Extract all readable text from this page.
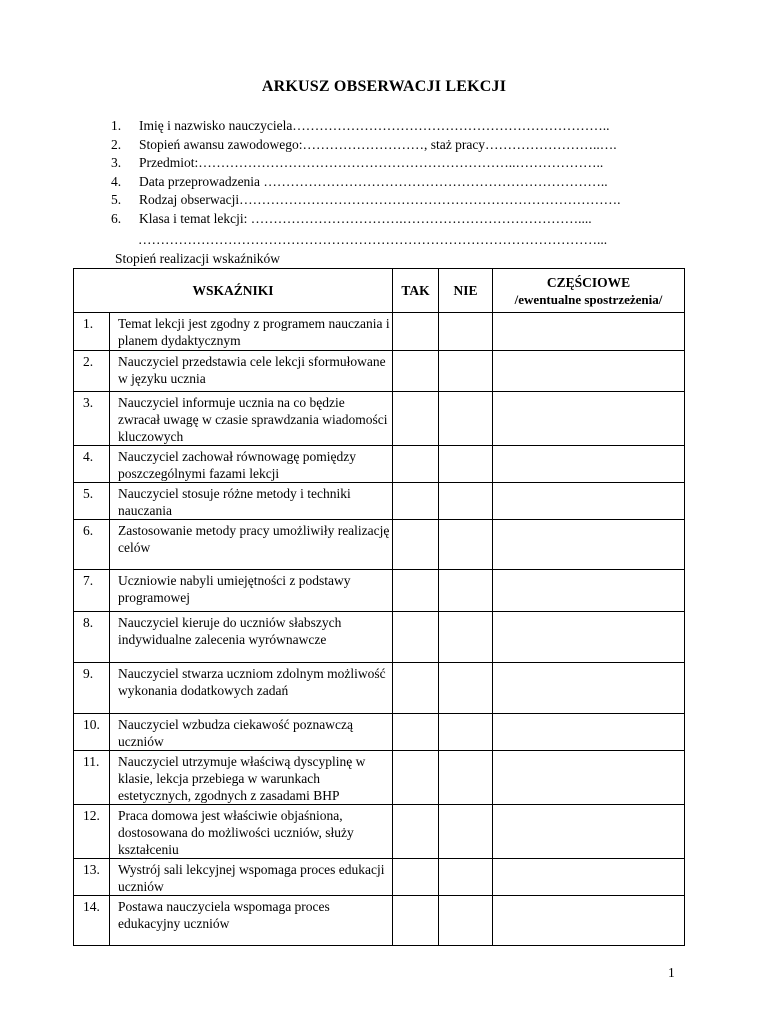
ARKUSZ OBSERWACJI LEKCJI
1. Imię i nazwisko nauczyciela……………………………………………………………..
2. Stopień awansu zawodowego:………………………, staż pracy……………………..….
3. Przedmiot:……………………………………………………………..………………..
4. Data przeprowadzenia …………………………………………………………………..
5. Rodzaj obserwacji………………………………………………………………………….
6. Klasa i temat lekcji: …………………………….…………………………………....
…………………………………………………………………………………………...
Stopień realizacji wskaźników
WSKAŹNIKI		TAK	NIE	CZĘŚCIOWE
/ewentualne spostrzeżenia/

1.	Temat lekcji jest zgodny z programem nauczania i planem dydaktycznym			
2.	Nauczyciel przedstawia cele lekcji sformułowane w języku ucznia			
3.	Nauczyciel informuje ucznia na co będzie zwracał uwagę w czasie sprawdzania wiadomości kluczowych			
4.	Nauczyciel zachował równowagę pomiędzy poszczególnymi fazami lekcji			
5.	Nauczyciel stosuje różne metody i techniki nauczania			
6.	Zastosowanie metody pracy umożliwiły realizację celów			
7.	Uczniowie nabyli umiejętności z podstawy programowej			
8.	Nauczyciel kieruje do uczniów słabszych indywidualne zalecenia wyrównawcze			
9.	Nauczyciel stwarza uczniom zdolnym możliwość wykonania dodatkowych zadań			
10.	Nauczyciel wzbudza ciekawość poznawczą uczniów			
11.	Nauczyciel utrzymuje właściwą dyscyplinę w klasie, lekcja przebiega w warunkach estetycznych, zgodnych z zasadami BHP			
12.	Praca domowa jest właściwie objaśniona, dostosowana do możliwości uczniów, służy kształceniu			
13.	Wystrój sali lekcyjnej wspomaga proces edukacji uczniów			
14.	Postawa nauczyciela wspomaga proces edukacyjny uczniów			
1
